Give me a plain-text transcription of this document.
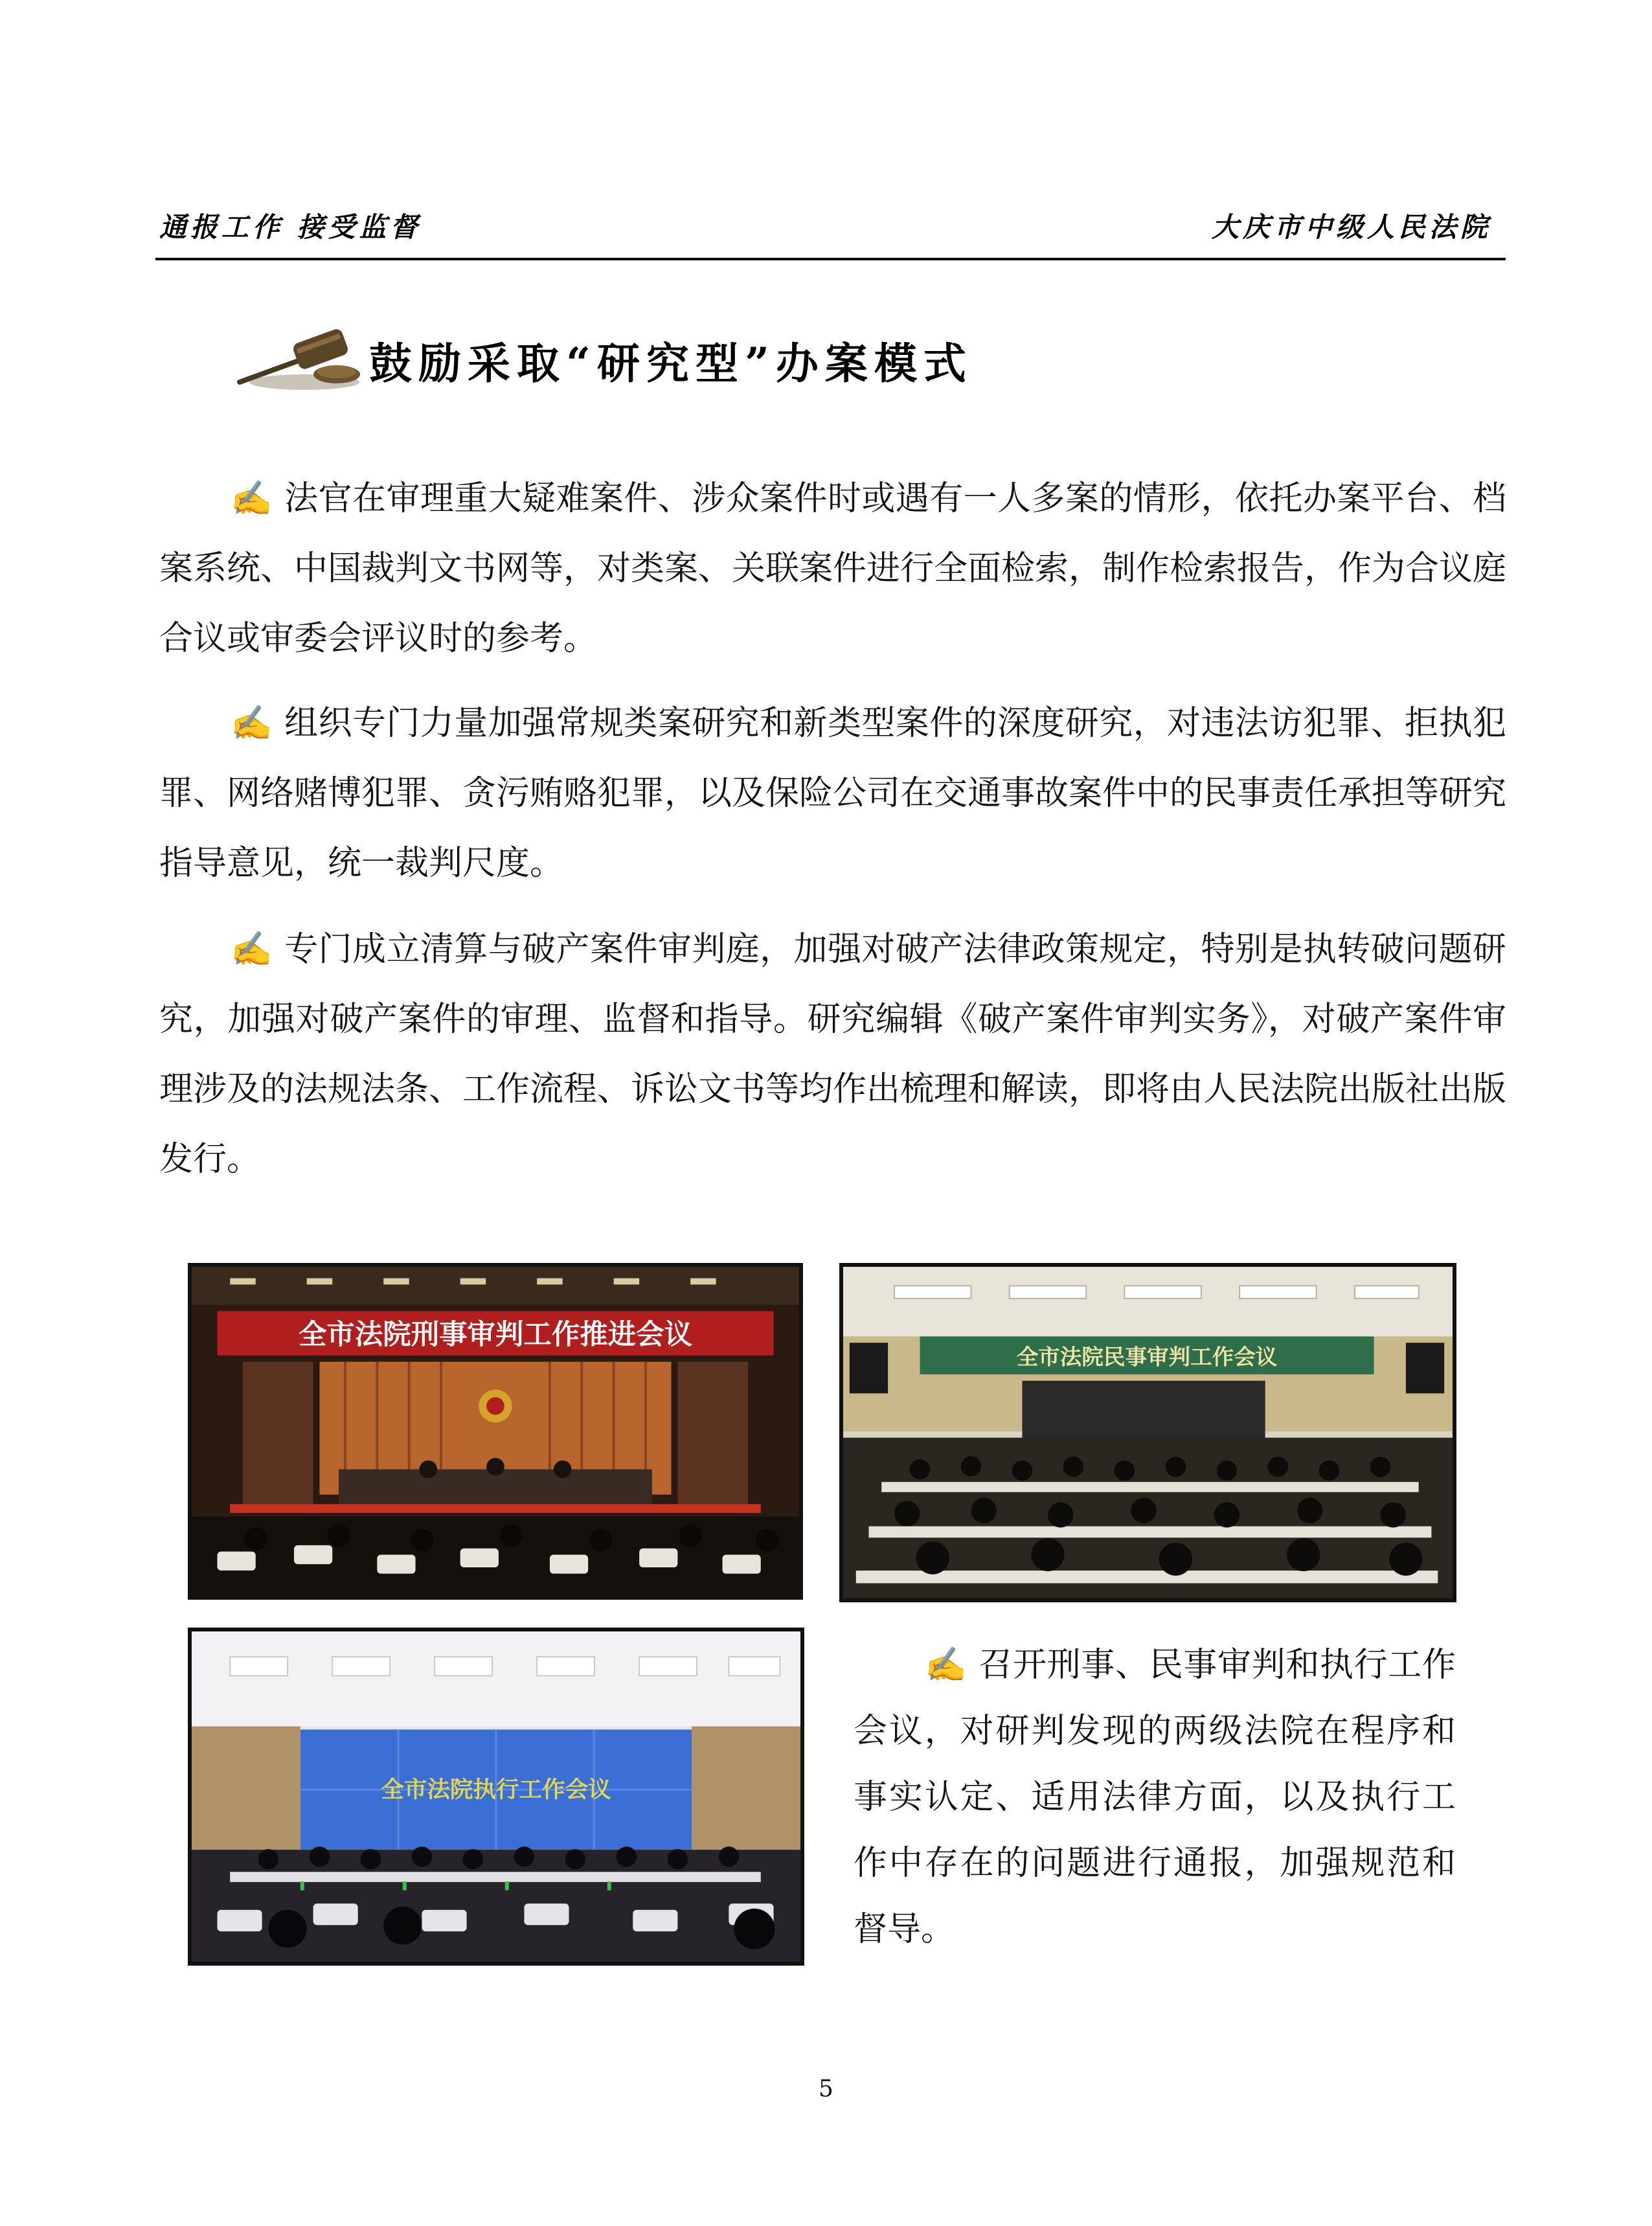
通报工作 接受监督	大庆市中级人民法院
鼓励采取“研究型”办案模式
✍ 法官在审理重大疑难案件、涉众案件时或遇有一人多案的情形，依托办案平台、档案系统、中国裁判文书网等，对类案、关联案件进行全面检索，制作检索报告，作为合议庭合议或审委会评议时的参考。
✍ 组织专门力量加强常规类案研究和新类型案件的深度研究，对违法访犯罪、拒执犯罪、网络赌博犯罪、贪污贿赂犯罪，以及保险公司在交通事故案件中的民事责任承担等研究指导意见，统一裁判尺度。
✍ 专门成立清算与破产案件审判庭，加强对破产法律政策规定，特别是执转破问题研究，加强对破产案件的审理、监督和指导。研究编辑《破产案件审判实务》，对破产案件审理涉及的法规法条、工作流程、诉讼文书等均作出梳理和解读，即将由人民法院出版社出版发行。
全市法院刑事审判工作推进会议
全市法院民事审判工作会议
全市法院执行工作会议
✍ 召开刑事、民事审判和执行工作会议，对研判发现的两级法院在程序和事实认定、适用法律方面，以及执行工作中存在的问题进行通报，加强规范和督导。
5
